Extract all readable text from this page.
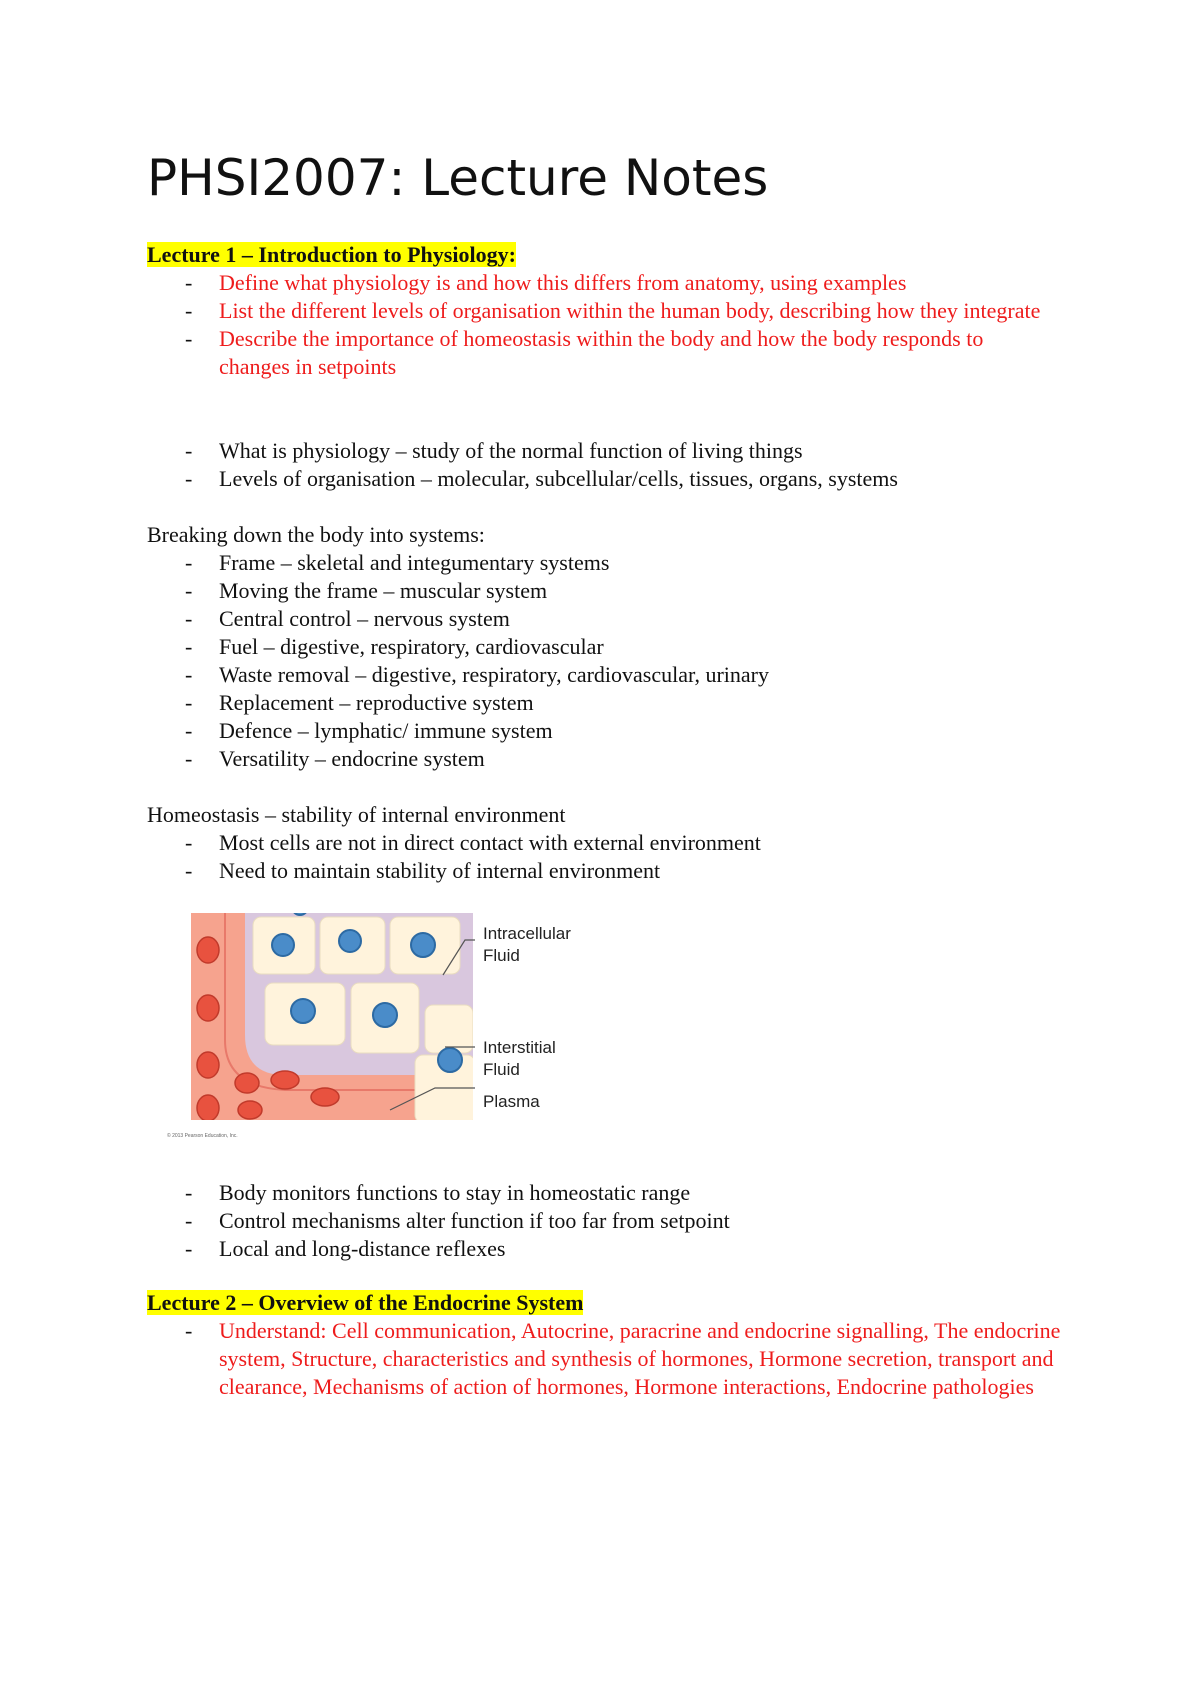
PHSI2007: Lecture Notes

Lecture 1 – Introduction to Physiology:

- Define what physiology is and how this differs from anatomy, using examples
- List the different levels of organisation within the human body, describing how they integrate
- Describe the importance of homeostasis within the body and how the body responds to changes in setpoints
- What is physiology – study of the normal function of living things
- Levels of organisation – molecular, subcellular/cells, tissues, organs, systems

Breaking down the body into systems:

- Frame – skeletal and integumentary systems
- Moving the frame – muscular system
- Central control – nervous system
- Fuel – digestive, respiratory, cardiovascular
- Waste removal – digestive, respiratory, cardiovascular, urinary
- Replacement – reproductive system
- Defence – lymphatic/ immune system
- Versatility – endocrine system

Homeostasis – stability of internal environment

- Most cells are not in direct contact with external environment
- Need to maintain stability of internal environment
Intracellular
Fluid
Interstitial
Fluid
Plasma
© 2013 Pearson Education, Inc.
- Body monitors functions to stay in homeostatic range
- Control mechanisms alter function if too far from setpoint
- Local and long-distance reflexes

Lecture 2 – Overview of the Endocrine System

- Understand: Cell communication, Autocrine, paracrine and endocrine signalling, The endocrine system, Structure, characteristics and synthesis of hormones, Hormone secretion, transport and clearance, Mechanisms of action of hormones, Hormone interactions, Endocrine pathologies
